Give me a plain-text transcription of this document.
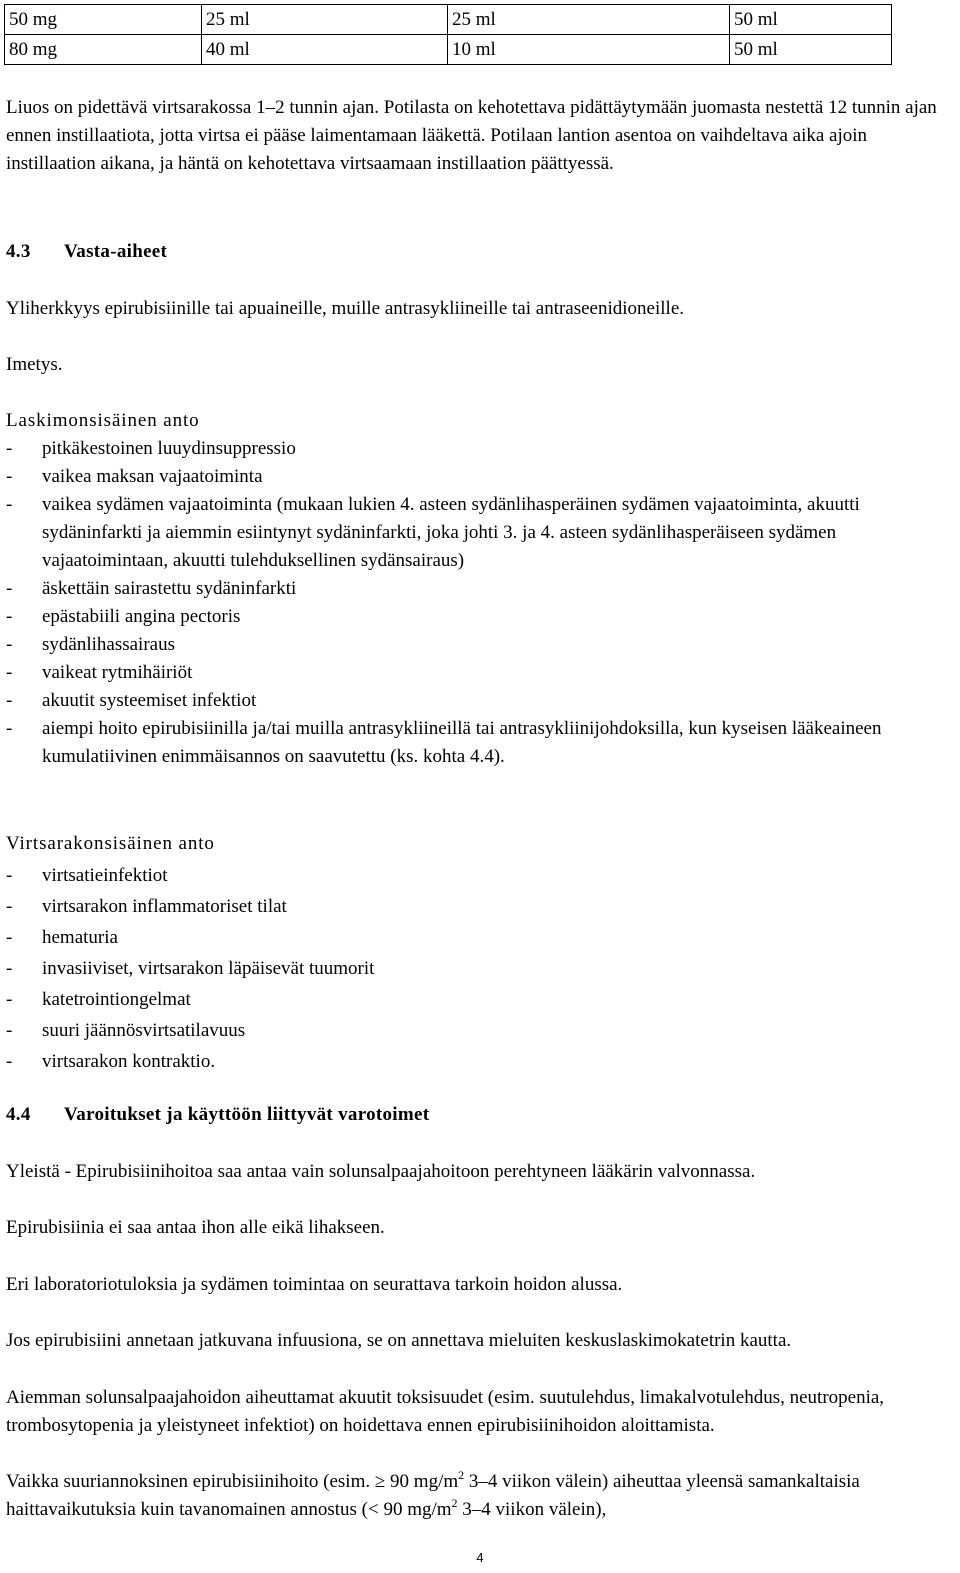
50 mg	25 ml	25 ml	50 ml
80 mg	40 ml	10 ml	50 ml
Liuos on pidettävä virtsarakossa 1–2 tunnin ajan. Potilasta on kehotettava pidättäytymään juomasta nestettä 12 tunnin ajan ennen instillaatiota, jotta virtsa ei pääse laimentamaan lääkettä. Potilaan lantion asentoa on vaihdeltava aika ajoin instillaation aikana, ja häntä on kehotettava virtsaamaan instillaation päättyessä.
4.3 Vasta-aiheet
Yliherkkyys epirubisiinille tai apuaineille, muille antrasykliineille tai antraseenidioneille.
Imetys.
Laskimonsisäinen anto
- pitkäkestoinen luuydinsuppressio
- vaikea maksan vajaatoiminta
- vaikea sydämen vajaatoiminta (mukaan lukien 4. asteen sydänlihasperäinen sydämen vajaatoiminta, akuutti sydäninfarkti ja aiemmin esiintynyt sydäninfarkti, joka johti 3. ja 4. asteen sydänlihasperäiseen sydämen vajaatoimintaan, akuutti tulehduksellinen sydänsairaus)
- äskettäin sairastettu sydäninfarkti
- epästabiili angina pectoris
- sydänlihassairaus
- vaikeat rytmihäiriöt
- akuutit systeemiset infektiot
- aiempi hoito epirubisiinilla ja/tai muilla antrasykliineillä tai antrasykliinijohdoksilla, kun kyseisen lääkeaineen kumulatiivinen enimmäisannos on saavutettu (ks. kohta 4.4).
Virtsarakonsisäinen anto
- virtsatieinfektiot
- virtsarakon inflammatoriset tilat
- hematuria
- invasiiviset, virtsarakon läpäisevät tuumorit
- katetrointiongelmat
- suuri jäännösvirtsatilavuus
- virtsarakon kontraktio.
4.4 Varoitukset ja käyttöön liittyvät varotoimet
Yleistä - Epirubisiinihoitoa saa antaa vain solunsalpaajahoitoon perehtyneen lääkärin valvonnassa.
Epirubisiinia ei saa antaa ihon alle eikä lihakseen.
Eri laboratoriotuloksia ja sydämen toimintaa on seurattava tarkoin hoidon alussa.
Jos epirubisiini annetaan jatkuvana infuusiona, se on annettava mieluiten keskuslaskimokatetrin kautta.
Aiemman solunsalpaajahoidon aiheuttamat akuutit toksisuudet (esim. suutulehdus, limakalvotulehdus, neutropenia, trombosytopenia ja yleistyneet infektiot) on hoidettava ennen epirubisiinihoidon aloittamista.
Vaikka suuriannoksinen epirubisiinihoito (esim. ≥ 90 $mg/m^2$ 3–4 viikon välein) aiheuttaa yleensä samankaltaisia haittavaikutuksia kuin tavanomainen annostus (< 90 $mg/m^2$ 3–4 viikon välein),
4
